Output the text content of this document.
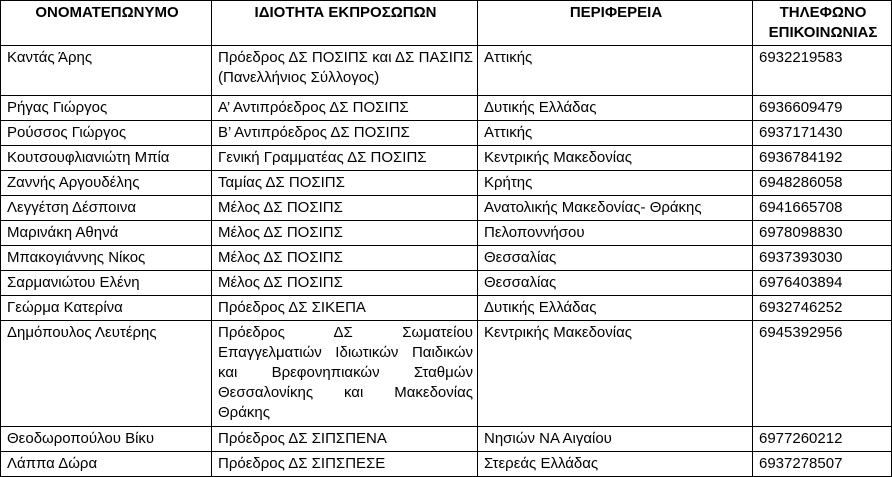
ΟΝΟΜΑΤΕΠΩΝΥΜΟ	ΙΔΙΟΤΗΤΑ ΕΚΠΡΟΣΩΠΩΝ	ΠΕΡΙΦΕΡΕΙΑ	ΤΗΛΕΦΩΝΟ ΕΠΙΚΟΙΝΩΝΙΑΣ
Καντάς Άρης	Πρόεδρος ΔΣ ΠΟΣΙΠΣ και ΔΣ ΠΑΣΙΠΣ (Πανελλήνιος Σύλλογος)	Αττικής	6932219583
Ρήγας Γιώργος	Α’ Αντιπρόεδρος ΔΣ ΠΟΣΙΠΣ	Δυτικής Ελλάδας	6936609479
Ρούσσος Γιώργος	Β’ Αντιπρόεδρος ΔΣ ΠΟΣΙΠΣ	Αττικής	6937171430
Κουτσουφλιανιώτη Μπία	Γενική Γραμματέας ΔΣ ΠΟΣΙΠΣ	Κεντρικής Μακεδονίας	6936784192
Ζαννής Αργουδέλης	Ταμίας ΔΣ ΠΟΣΙΠΣ	Κρήτης	6948286058
Λεγγέτση Δέσποινα	Μέλος ΔΣ ΠΟΣΙΠΣ	Ανατολικής Μακεδονίας- Θράκης	6941665708
Μαρινάκη Αθηνά	Μέλος ΔΣ ΠΟΣΙΠΣ	Πελοποννήσου	6978098830
Μπακογιάννης Νίκος	Μέλος ΔΣ ΠΟΣΙΠΣ	Θεσσαλίας	6937393030
Σαρμανιώτου Ελένη	Μέλος ΔΣ ΠΟΣΙΠΣ	Θεσσαλίας	6976403894
Γεώρμα Κατερίνα	Πρόεδρος ΔΣ ΣΙΚΕΠΑ	Δυτικής Ελλάδας	6932746252
Δημόπουλος Λευτέρης	Πρόεδρος ΔΣ Σωματείου Επαγγελματιών Ιδιωτικών Παιδικών και Βρεφονηπιακών Σταθμών Θεσσαλονίκης και Μακεδονίας Θράκης	Κεντρικής Μακεδονίας	6945392956
Θεοδωροπούλου Βίκυ	Πρόεδρος ΔΣ ΣΙΠΣΠΕΝΑ	Νησιών ΝΑ Αιγαίου	6977260212
Λάππα Δώρα	Πρόεδρος ΔΣ ΣΙΠΣΠΕΣΕ	Στερεάς Ελλάδας	6937278507
